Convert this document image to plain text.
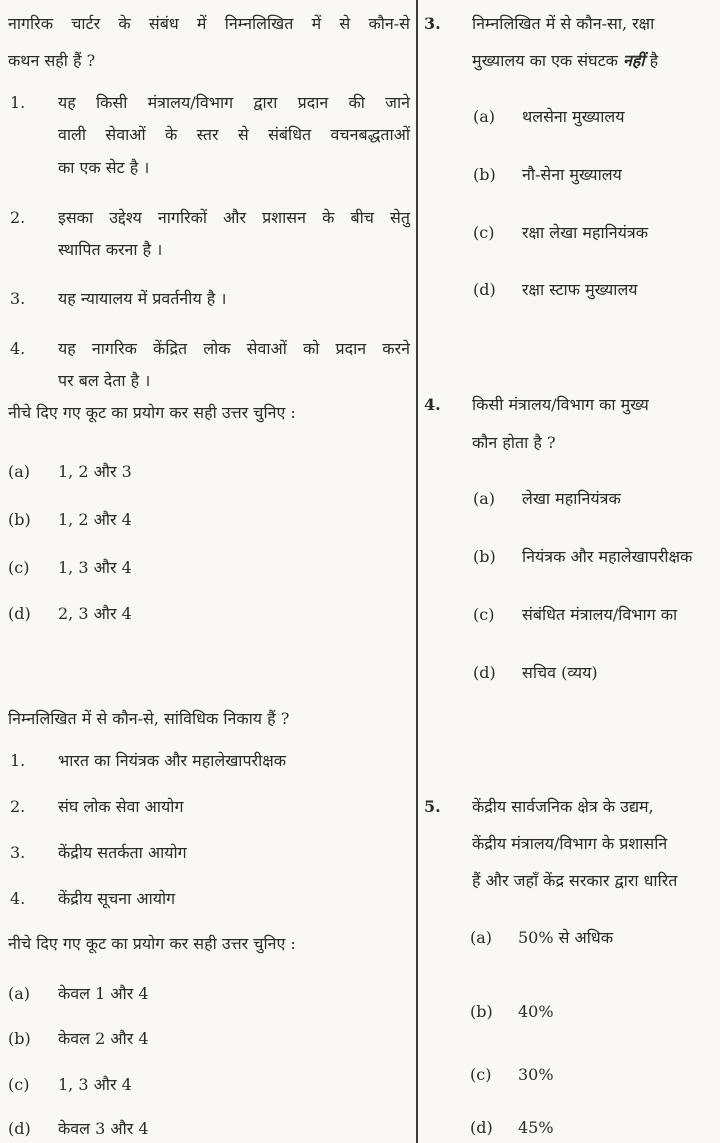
नागरिक चार्टर के संबंध में निम्नलिखित में से कौन-से
कथन सही हैं ?
1. यह किसी मंत्रालय/विभाग द्वारा प्रदान की जाने
वाली सेवाओं के स्तर से संबंधित वचनबद्धताओं
का एक सेट है ।
2. इसका उद्देश्य नागरिकों और प्रशासन के बीच सेतु
स्थापित करना है ।
3. यह न्यायालय में प्रवर्तनीय है ।
4. यह नागरिक केंद्रित लोक सेवाओं को प्रदान करने
पर बल देता है ।
नीचे दिए गए कूट का प्रयोग कर सही उत्तर चुनिए :
(a) 1, 2 और 3
(b) 1, 2 और 4
(c) 1, 3 और 4
(d) 2, 3 और 4
निम्नलिखित में से कौन-से, सांविधिक निकाय हैं ?
1. भारत का नियंत्रक और महालेखापरीक्षक
2. संघ लोक सेवा आयोग
3. केंद्रीय सतर्कता आयोग
4. केंद्रीय सूचना आयोग
नीचे दिए गए कूट का प्रयोग कर सही उत्तर चुनिए :
(a) केवल 1 और 4
(b) केवल 2 और 4
(c) 1, 3 और 4
(d) केवल 3 और 4
3. निम्नलिखित में से कौन-सा, रक्षा
मुख्यालय का एक संघटक नहीं है
(a) थलसेना मुख्यालय
(b) नौ-सेना मुख्यालय
(c) रक्षा लेखा महानियंत्रक
(d) रक्षा स्टाफ मुख्यालय
4. किसी मंत्रालय/विभाग का मुख्य
कौन होता है ?
(a) लेखा महानियंत्रक
(b) नियंत्रक और महालेखापरीक्षक
(c) संबंधित मंत्रालय/विभाग का
(d) सचिव (व्यय)
5. केंद्रीय सार्वजनिक क्षेत्र के उद्यम,
केंद्रीय मंत्रालय/विभाग के प्रशासनि
हैं और जहाँ केंद्र सरकार द्वारा धारित
(a) 50% से अधिक
(b) 40%
(c) 30%
(d) 45%
